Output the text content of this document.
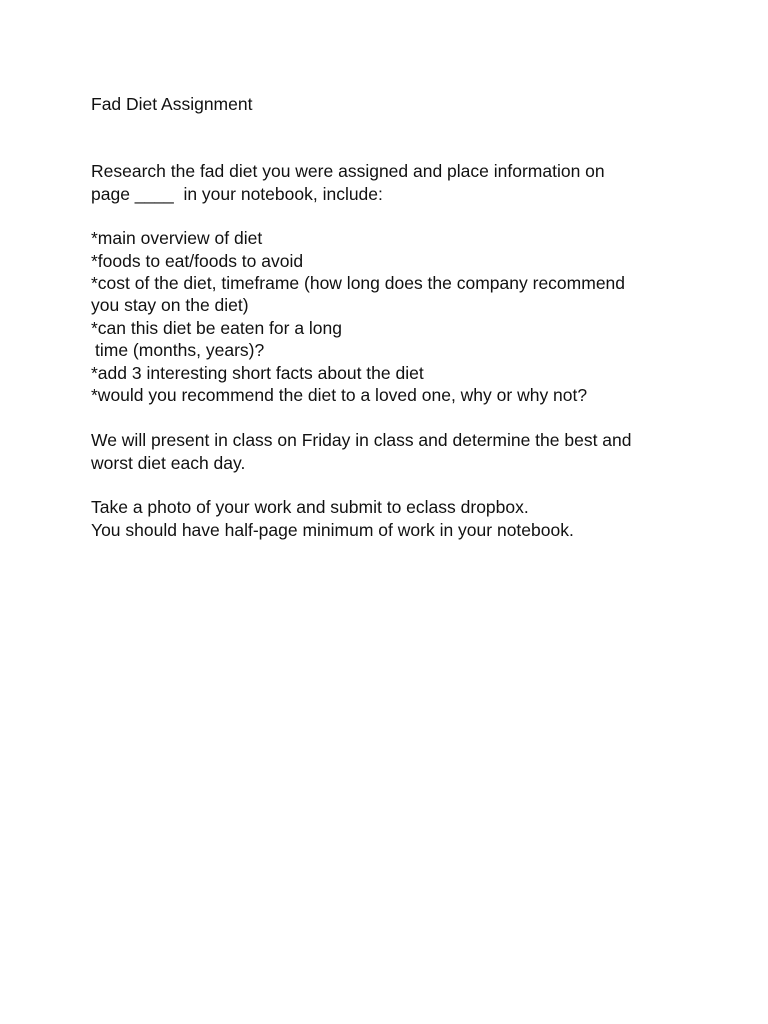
Fad Diet Assignment
Research the fad diet you were assigned and place information on
page ____  in your notebook, include:
*main overview of diet
*foods to eat/foods to avoid
*cost of the diet, timeframe (how long does the company recommend
you stay on the diet)
*can this diet be eaten for a long
time (months, years)?
*add 3 interesting short facts about the diet
*would you recommend the diet to a loved one, why or why not?
We will present in class on Friday in class and determine the best and
worst diet each day.
Take a photo of your work and submit to eclass dropbox.
You should have half-page minimum of work in your notebook.
